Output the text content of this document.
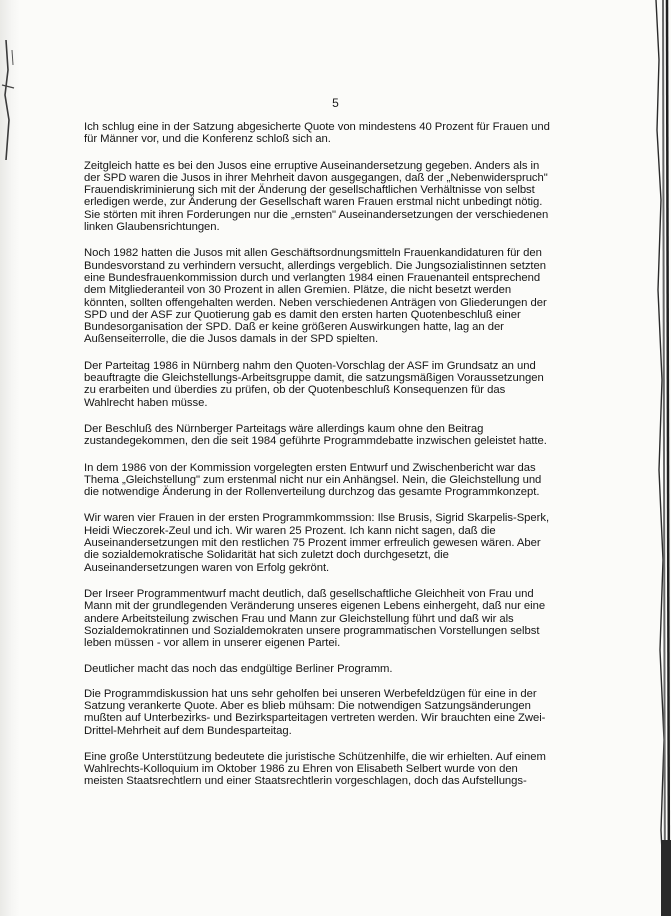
5

Ich schlug eine in der Satzung abgesicherte Quote von mindestens 40 Prozent für Frauen und für Männer vor, und die Konferenz schloß sich an.

Zeitgleich hatte es bei den Jusos eine erruptive Auseinandersetzung gegeben. Anders als in der SPD waren die Jusos in ihrer Mehrheit davon ausgegangen, daß der „Nebenwiderspruch" Frauendiskriminierung sich mit der Änderung der gesellschaftlichen Verhältnisse von selbst erledigen werde, zur Änderung der Gesellschaft waren Frauen erstmal nicht unbedingt nötig. Sie störten mit ihren Forderungen nur die „ernsten" Auseinandersetzungen der verschiedenen linken Glaubensrichtungen.

Noch 1982 hatten die Jusos mit allen Geschäftsordnungsmitteln Frauenkandidaturen für den Bundesvorstand zu verhindern versucht, allerdings vergeblich. Die Jungsozialistinnen setzten eine Bundesfrauenkommission durch und verlangten 1984 einen Frauenanteil entsprechend dem Mitgliederanteil von 30 Prozent in allen Gremien. Plätze, die nicht besetzt werden könnten, sollten offengehalten werden. Neben verschiedenen Anträgen von Gliederungen der SPD und der ASF zur Quotierung gab es damit den ersten harten Quotenbeschluß einer Bundesorganisation der SPD. Daß er keine größeren Auswirkungen hatte, lag an der Außenseiterrolle, die die Jusos damals in der SPD spielten.

Der Parteitag 1986 in Nürnberg nahm den Quoten-Vorschlag der ASF im Grundsatz an und beauftragte die Gleichstellungs-Arbeitsgruppe damit, die satzungsmäßigen Voraussetzungen zu erarbeiten und überdies zu prüfen, ob der Quotenbeschluß Konsequenzen für das Wahlrecht haben müsse.

Der Beschluß des Nürnberger Parteitags wäre allerdings kaum ohne den Beitrag zustandegekommen, den die seit 1984 geführte Programmdebatte inzwischen geleistet hatte.

In dem 1986 von der Kommission vorgelegten ersten Entwurf und Zwischenbericht war das Thema „Gleichstellung" zum erstenmal nicht nur ein Anhängsel. Nein, die Gleichstellung und die notwendige Änderung in der Rollenverteilung durchzog das gesamte Programmkonzept.

Wir waren vier Frauen in der ersten Programmkommssion: Ilse Brusis, Sigrid Skarpelis-Sperk, Heidi Wieczorek-Zeul und ich. Wir waren 25 Prozent. Ich kann nicht sagen, daß die Auseinandersetzungen mit den restlichen 75 Prozent immer erfreulich gewesen wären. Aber die sozialdemokratische Solidarität hat sich zuletzt doch durchgesetzt, die Auseinandersetzungen waren von Erfolg gekrönt.

Der Irseer Programmentwurf macht deutlich, daß gesellschaftliche Gleichheit von Frau und Mann mit der grundlegenden Veränderung unseres eigenen Lebens einhergeht, daß nur eine andere Arbeitsteilung zwischen Frau und Mann zur Gleichstellung führt und daß wir als Sozialdemokratinnen und Sozialdemokraten unsere programmatischen Vorstellungen selbst leben müssen - vor allem in unserer eigenen Partei.

Deutlicher macht das noch das endgültige Berliner Programm.

Die Programmdiskussion hat uns sehr geholfen bei unseren Werbefeldzügen für eine in der Satzung verankerte Quote. Aber es blieb mühsam: Die notwendigen Satzungsänderungen mußten auf Unterbezirks- und Bezirksparteitagen vertreten werden. Wir brauchten eine Zwei-Drittel-Mehrheit auf dem Bundesparteitag.

Eine große Unterstützung bedeutete die juristische Schützenhilfe, die wir erhielten. Auf einem Wahlrechts-Kolloquium im Oktober 1986 zu Ehren von Elisabeth Selbert wurde von den meisten Staatsrechtlern und einer Staatsrechtlerin vorgeschlagen, doch das Aufstellungs-
